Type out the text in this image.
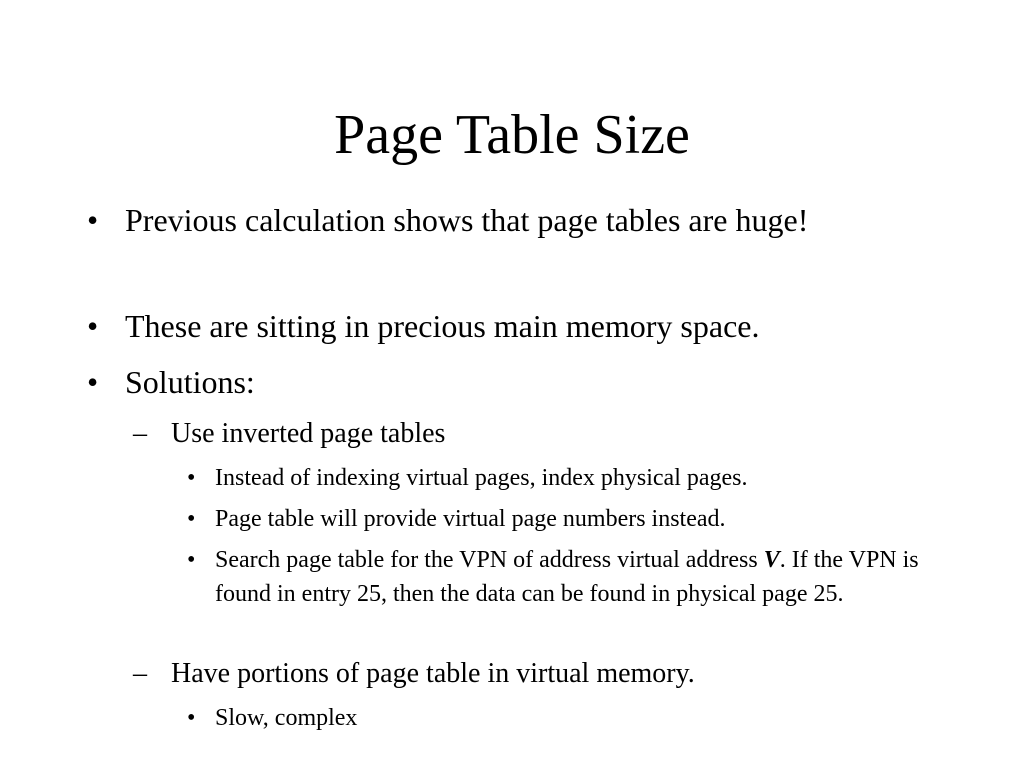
Page Table Size
• Previous calculation shows that page tables are huge!
• These are sitting in precious main memory space.
• Solutions:
– Use inverted page tables
• Instead of indexing virtual pages, index physical pages.
• Page table will provide virtual page numbers instead.
• Search page table for the VPN of address virtual address V. If the VPN is found in entry 25, then the data can be found in physical page 25.
– Have portions of page table in virtual memory.
• Slow, complex
